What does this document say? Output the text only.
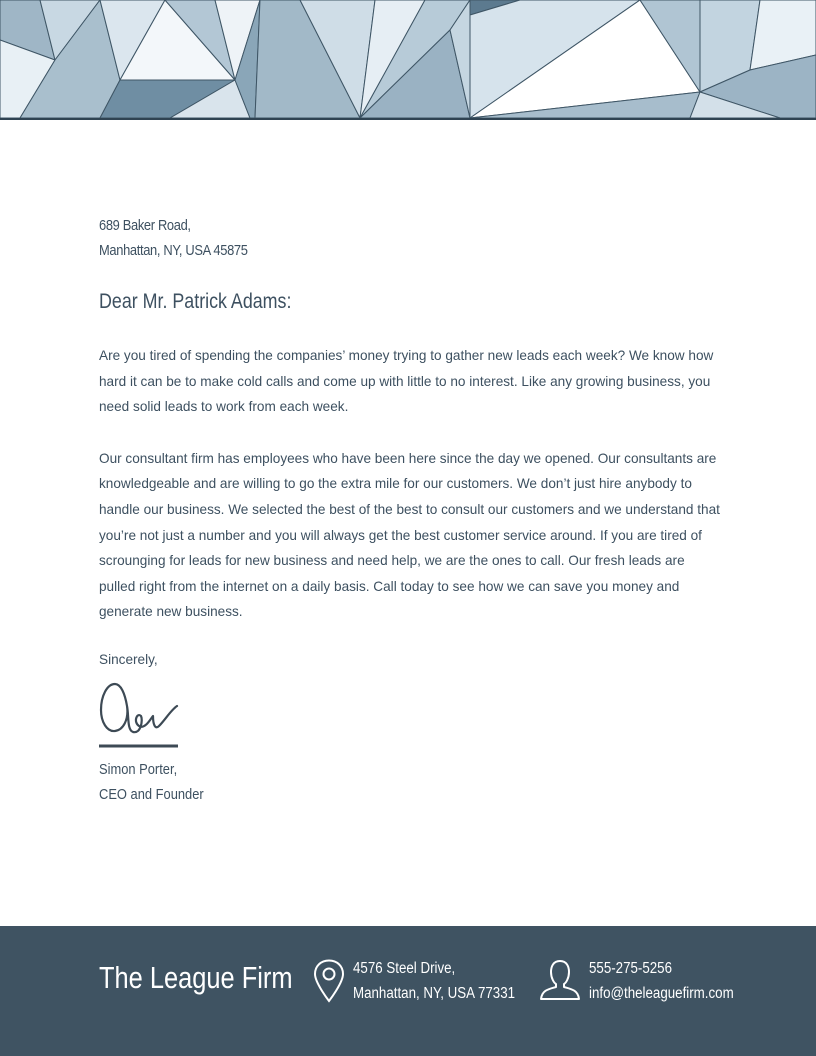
689 Baker Road,
Manhattan, NY, USA 45875
Dear Mr. Patrick Adams:

Are you tired of spending the companies’ money trying to gather new leads each week? We know how hard it can be to make cold calls and come up with little to no interest. Like any growing business, you need solid leads to work from each week.

Our consultant firm has employees who have been here since the day we opened. Our consultants are knowledgeable and are willing to go the extra mile for our customers. We don’t just hire anybody to handle our business. We selected the best of the best to consult our customers and we understand that you’re not just a number and you will always get the best customer service around. If you are tired of scrounging for leads for new business and need help, we are the ones to call. Our fresh leads are pulled right from the internet on a daily basis. Call today to see how we can save you money and generate new business.

Sincerely,
Simon Porter,
CEO and Founder
The League Firm	4576 Steel Drive,
Manhattan, NY, USA 77331
555-275-5256
info@theleaguefirm.com
